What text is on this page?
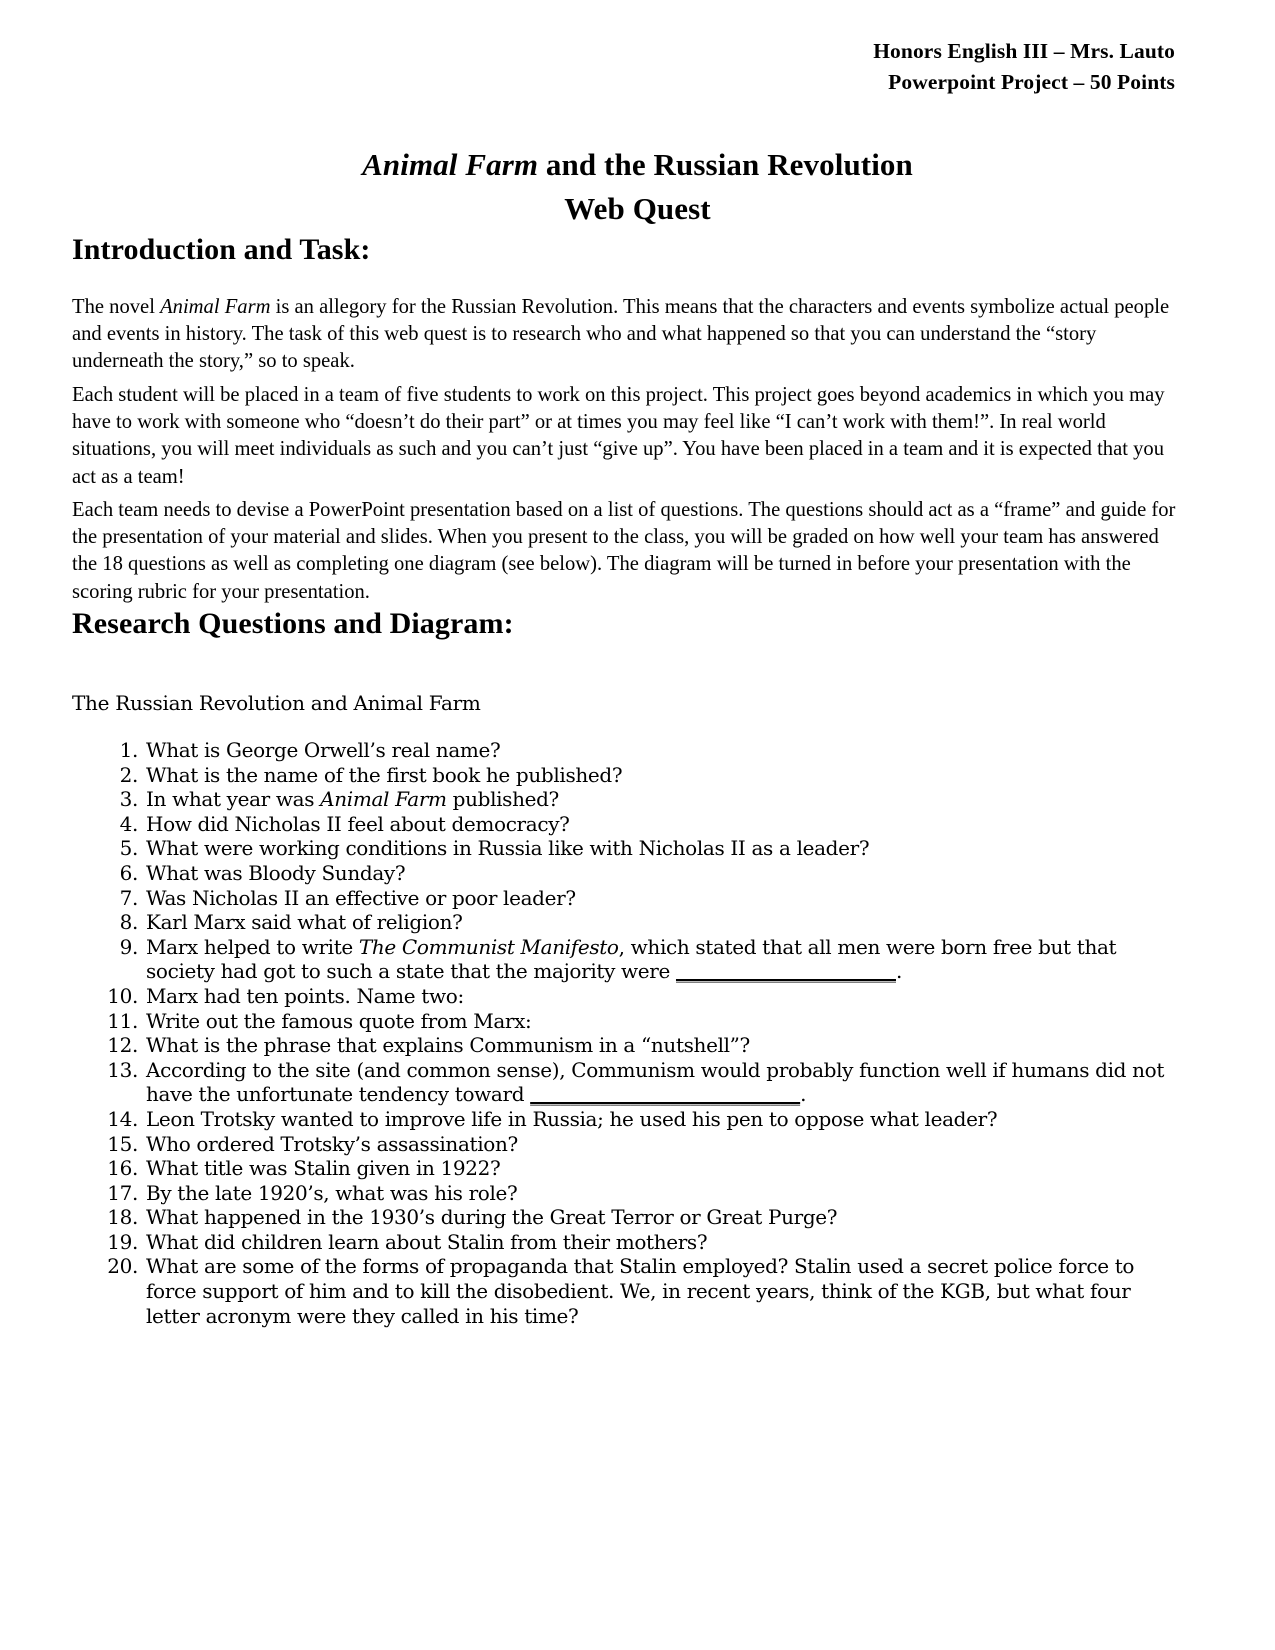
Honors English III – Mrs. Lauto
Powerpoint Project – 50 Points
Animal Farm and the Russian Revolution
Web Quest
Introduction and Task:
The novel Animal Farm is an allegory for the Russian Revolution. This means that the characters and events symbolize actual people and events in history. The task of this web quest is to research who and what happened so that you can understand the “story underneath the story,” so to speak.
Each student will be placed in a team of five students to work on this project. This project goes beyond academics in which you may have to work with someone who “doesn’t do their part” or at times you may feel like “I can’t work with them!”. In real world situations, you will meet individuals as such and you can’t just “give up”. You have been placed in a team and it is expected that you act as a team!
Each team needs to devise a PowerPoint presentation based on a list of questions. The questions should act as a “frame” and guide for the presentation of your material and slides. When you present to the class, you will be graded on how well your team has answered the 18 questions as well as completing one diagram (see below). The diagram will be turned in before your presentation with the scoring rubric for your presentation.
Research Questions and Diagram:
The Russian Revolution and Animal Farm
1. What is George Orwell’s real name?
2. What is the name of the first book he published?
3. In what year was Animal Farm published?
4. How did Nicholas II feel about democracy?
5. What were working conditions in Russia like with Nicholas II as a leader?
6. What was Bloody Sunday?
7. Was Nicholas II an effective or poor leader?
8. Karl Marx said what of religion?
9. Marx helped to write The Communist Manifesto, which stated that all men were born free but that society had got to such a state that the majority were ______________________.
10. Marx had ten points. Name two:
11. Write out the famous quote from Marx:
12. What is the phrase that explains Communism in a “nutshell”?
13. According to the site (and common sense), Communism would probably function well if humans did not have the unfortunate tendency toward ___________________________.
14. Leon Trotsky wanted to improve life in Russia; he used his pen to oppose what leader?
15. Who ordered Trotsky’s assassination?
16. What title was Stalin given in 1922?
17. By the late 1920’s, what was his role?
18. What happened in the 1930’s during the Great Terror or Great Purge?
19. What did children learn about Stalin from their mothers?
20. What are some of the forms of propaganda that Stalin employed? Stalin used a secret police force to force support of him and to kill the disobedient. We, in recent years, think of the KGB, but what four letter acronym were they called in his time?
